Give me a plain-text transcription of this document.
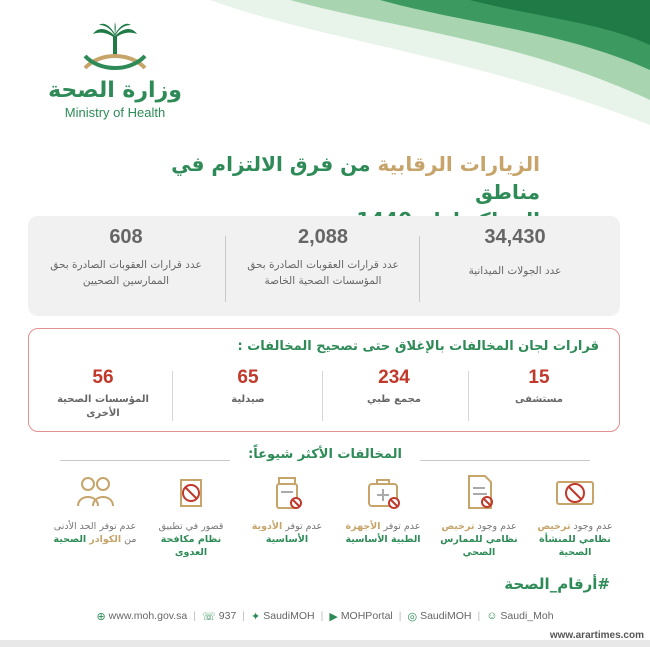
وزارة الصحة
Ministry of Health
الزيارات الرقابية من فرق الالتزام في مناطق
34,430
عدد الجولات الميدانية
2,088
عدد قرارات العقوبات الصادرة بحق المؤسسات الصحية الخاصة
608
عدد قرارات العقوبات الصادرة بحق الممارسين الصحيين
قرارات لجان المخالفات بالإغلاق حتى تصحيح المخالفات :
15
مستشفى
234
مجمع طبي
65
صيدلية
56
المؤسسات الصحية الأخرى
المخالفات الأكثر شيوعاً:
عدم وجود ترخيص نظامي للمنشأة الصحية
عدم وجود ترخيص نظامي للممارس الصحي
عدم توفر الأجهزة الطبية الأساسية
عدم توفر الأدوية الأساسية
قصور في تطبيق نظام مكافحة العدوى
عدم توفر الحد الأدنى من الكوادر الصحية
#أرقام_الصحة
⊕ www.moh.gov.sa | ☏ 937 | ✦ SaudiMOH | ▶ MOHPortal | ◎ SaudiMOH | ☺ Saudi_Moh
www.arartimes.com
